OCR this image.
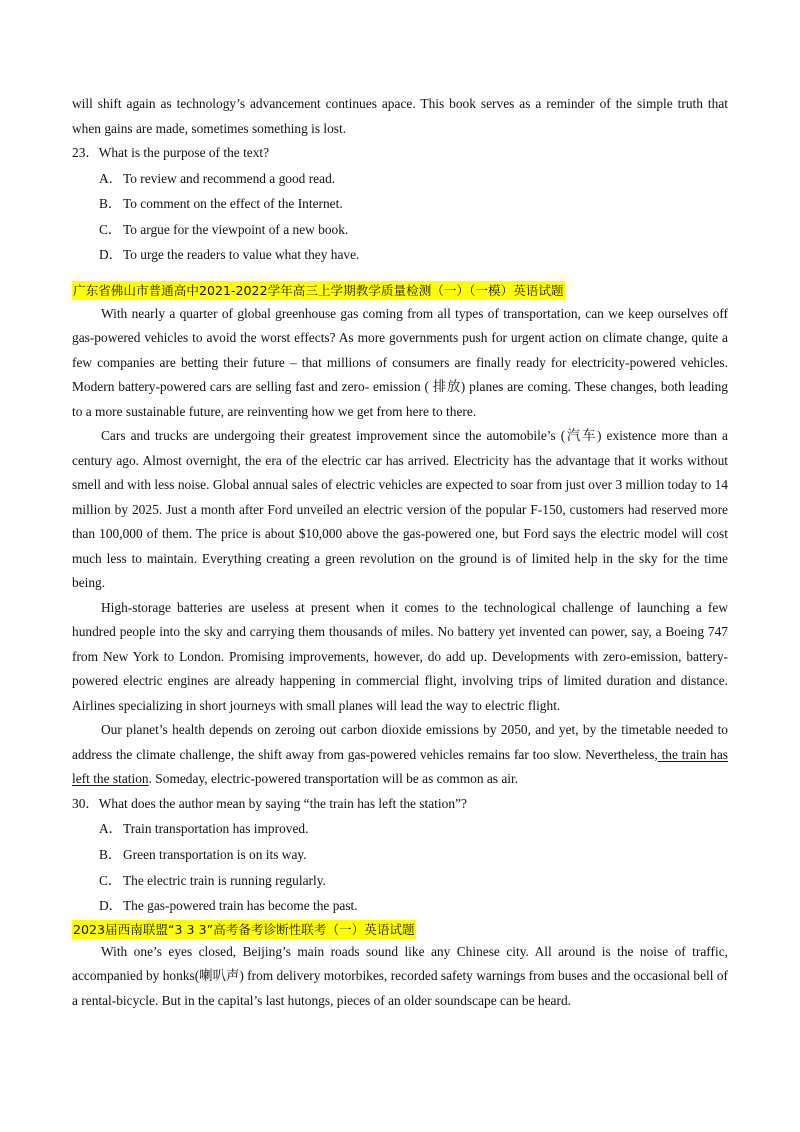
will shift again as technology’s advancement continues apace. This book serves as a reminder of the simple truth that when gains are made, sometimes something is lost.

23．What is the purpose of the text?

A．To review and recommend a good read.

B． To comment on the effect of the Internet.

C． To argue for the viewpoint of a new book.

D．To urge the readers to value what they have.

广东省佛山市普通高中2021-2022学年高三上学期教学质量检测（一）（一模）英语试题

With nearly a quarter of global greenhouse gas coming from all types of transportation, can we keep ourselves off gas-powered vehicles to avoid the worst effects? As more governments push for urgent action on climate change, quite a few companies are betting their future – that millions of consumers are finally ready for electricity-powered vehicles. Modern battery-powered cars are selling fast and zero- emission ( 排放) planes are coming. These changes, both leading to a more sustainable future, are reinventing how we get from here to there.

Cars and trucks are undergoing their greatest improvement since the automobile’s (汽车) existence more than a century ago. Almost overnight, the era of the electric car has arrived. Electricity has the advantage that it works without smell and with less noise. Global annual sales of electric vehicles are expected to soar from just over 3 million today to 14 million by 2025. Just a month after Ford unveiled an electric version of the popular F-150, customers had reserved more than 100,000 of them. The price is about $10,000 above the gas-powered one, but Ford says the electric model will cost much less to maintain. Everything creating a green revolution on the ground is of limited help in the sky for the time being.

High-storage batteries are useless at present when it comes to the technological challenge of launching a few hundred people into the sky and carrying them thousands of miles. No battery yet invented can power, say, a Boeing 747 from New York to London. Promising improvements, however, do add up. Developments with zero-emission, battery-powered electric engines are already happening in commercial flight, involving trips of limited duration and distance. Airlines specializing in short journeys with small planes will lead the way to electric flight.

Our planet’s health depends on zeroing out carbon dioxide emissions by 2050, and yet, by the timetable needed to address the climate challenge, the shift away from gas-powered vehicles remains far too slow. Nevertheless, the train has left the station. Someday, electric-powered transportation will be as common as air.

30．What does the author mean by saying “the train has left the station”?

A．Train transportation has improved.

B． Green transportation is on its way.

C． The electric train is running regularly.

D．The gas-powered train has become the past.

2023届西南联盟“3 3 3”高考备考诊断性联考（一）英语试题

With one’s eyes closed, Beijing’s main roads sound like any Chinese city. All around is the noise of traffic, accompanied by honks(喇叭声) from delivery motorbikes, recorded safety warnings from buses and the occasional bell of a rental-bicycle. But in the capital’s last hutongs, pieces of an older soundscape can be heard.
